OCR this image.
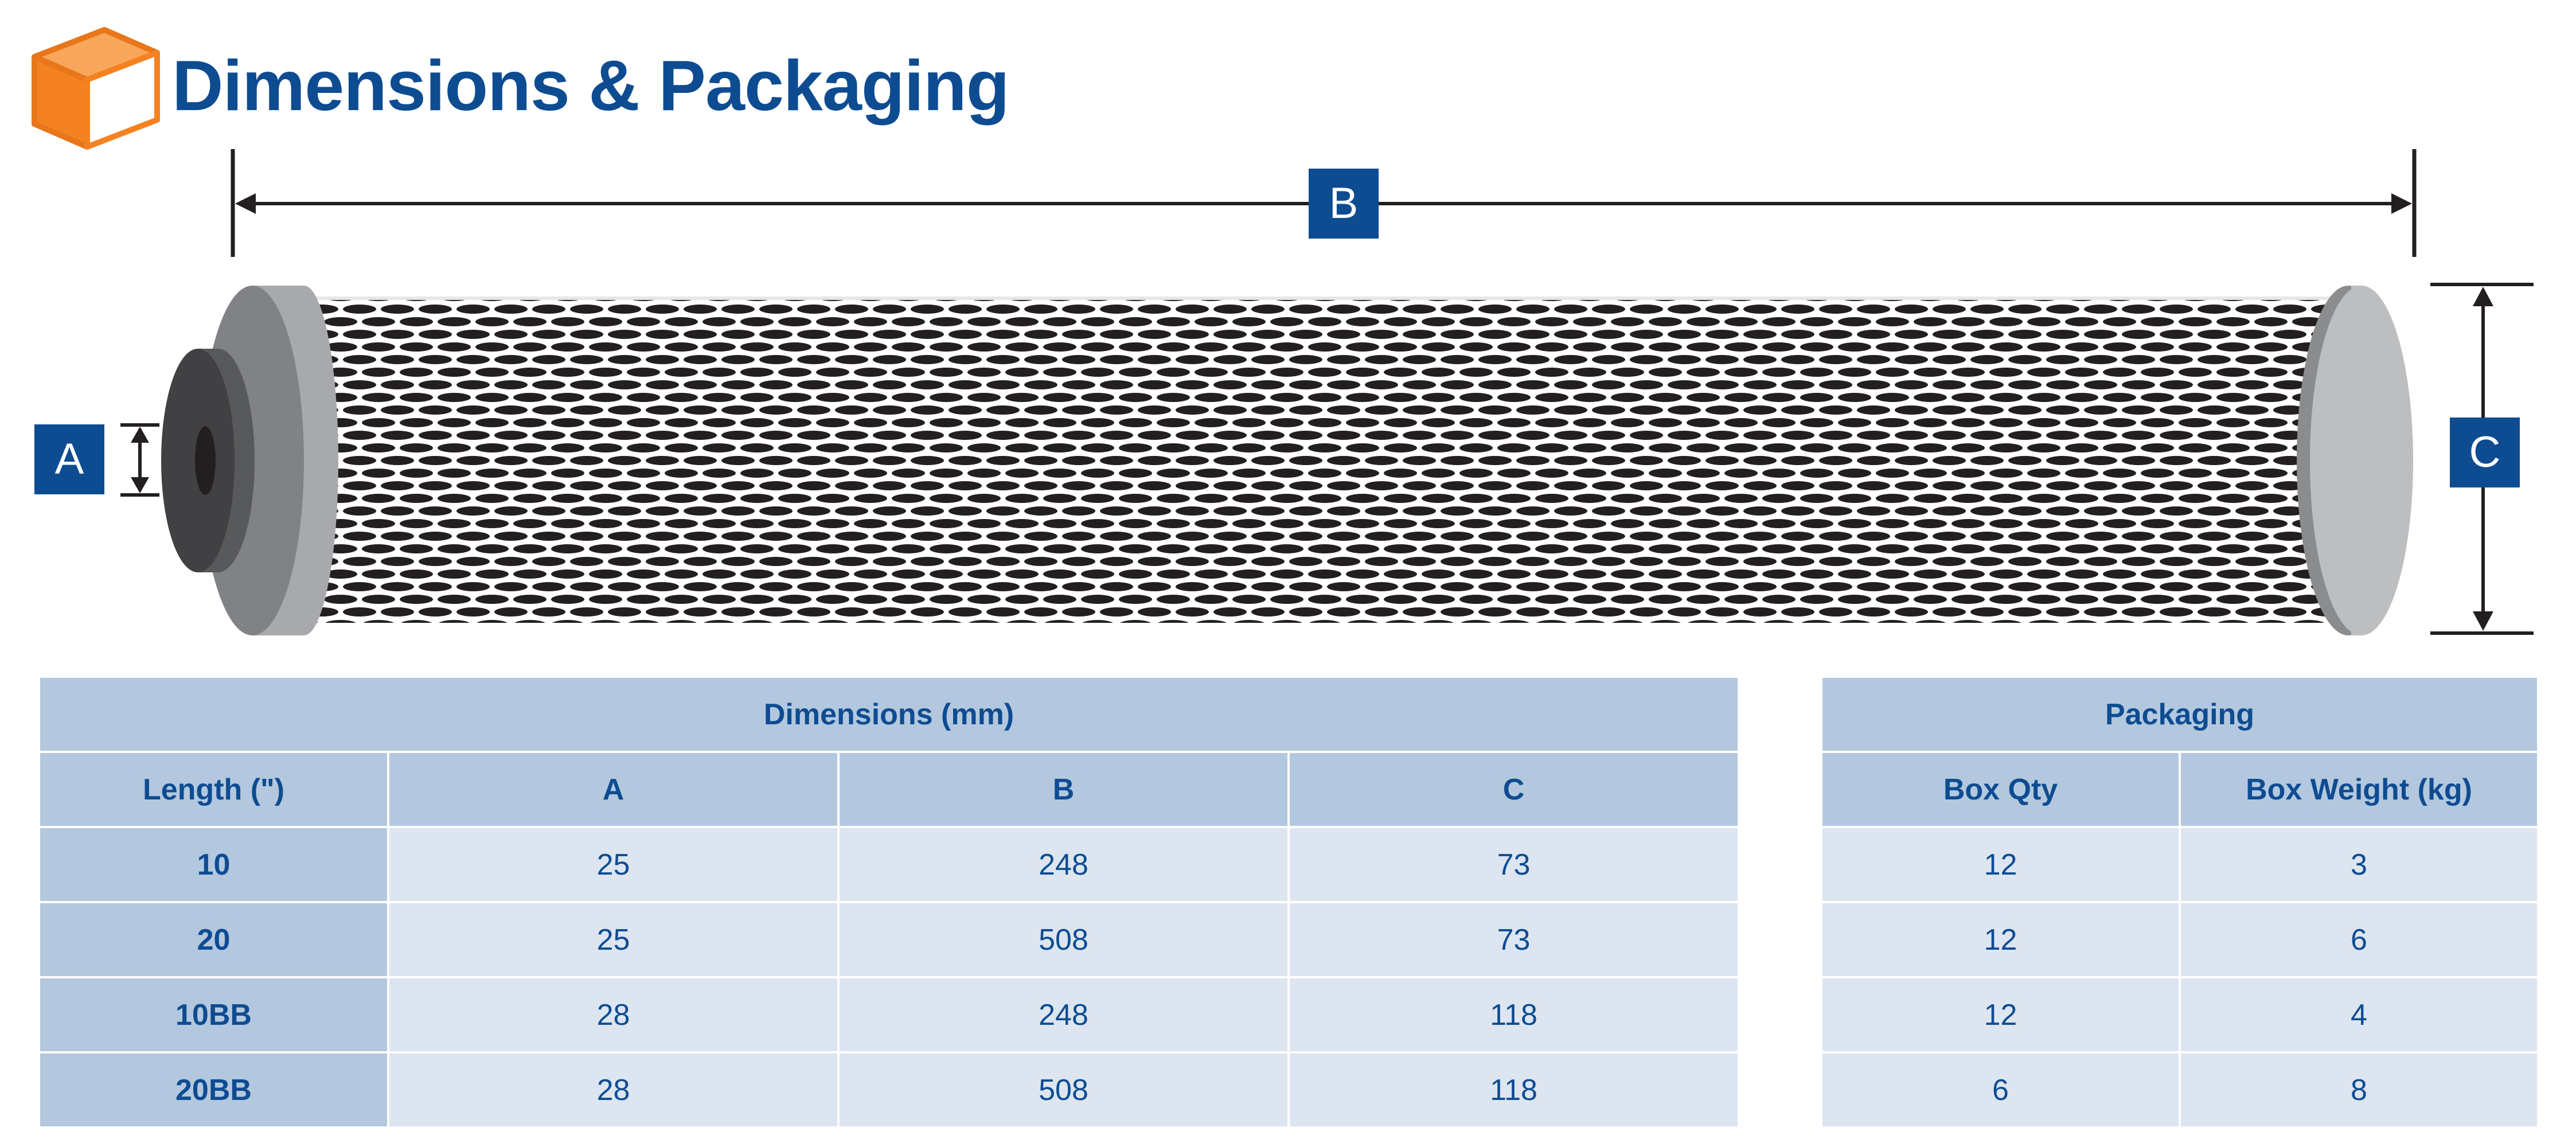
Dimensions & Packaging
A
B
C
Dimensions (mm)			
Length (")	A	B	C
10	25	248	73
20	25	508	73
10BB	28	248	118
20BB	28	508	118
Packaging	
Box Qty	Box Weight (kg)
12	3
12	6
12	4
6	8
